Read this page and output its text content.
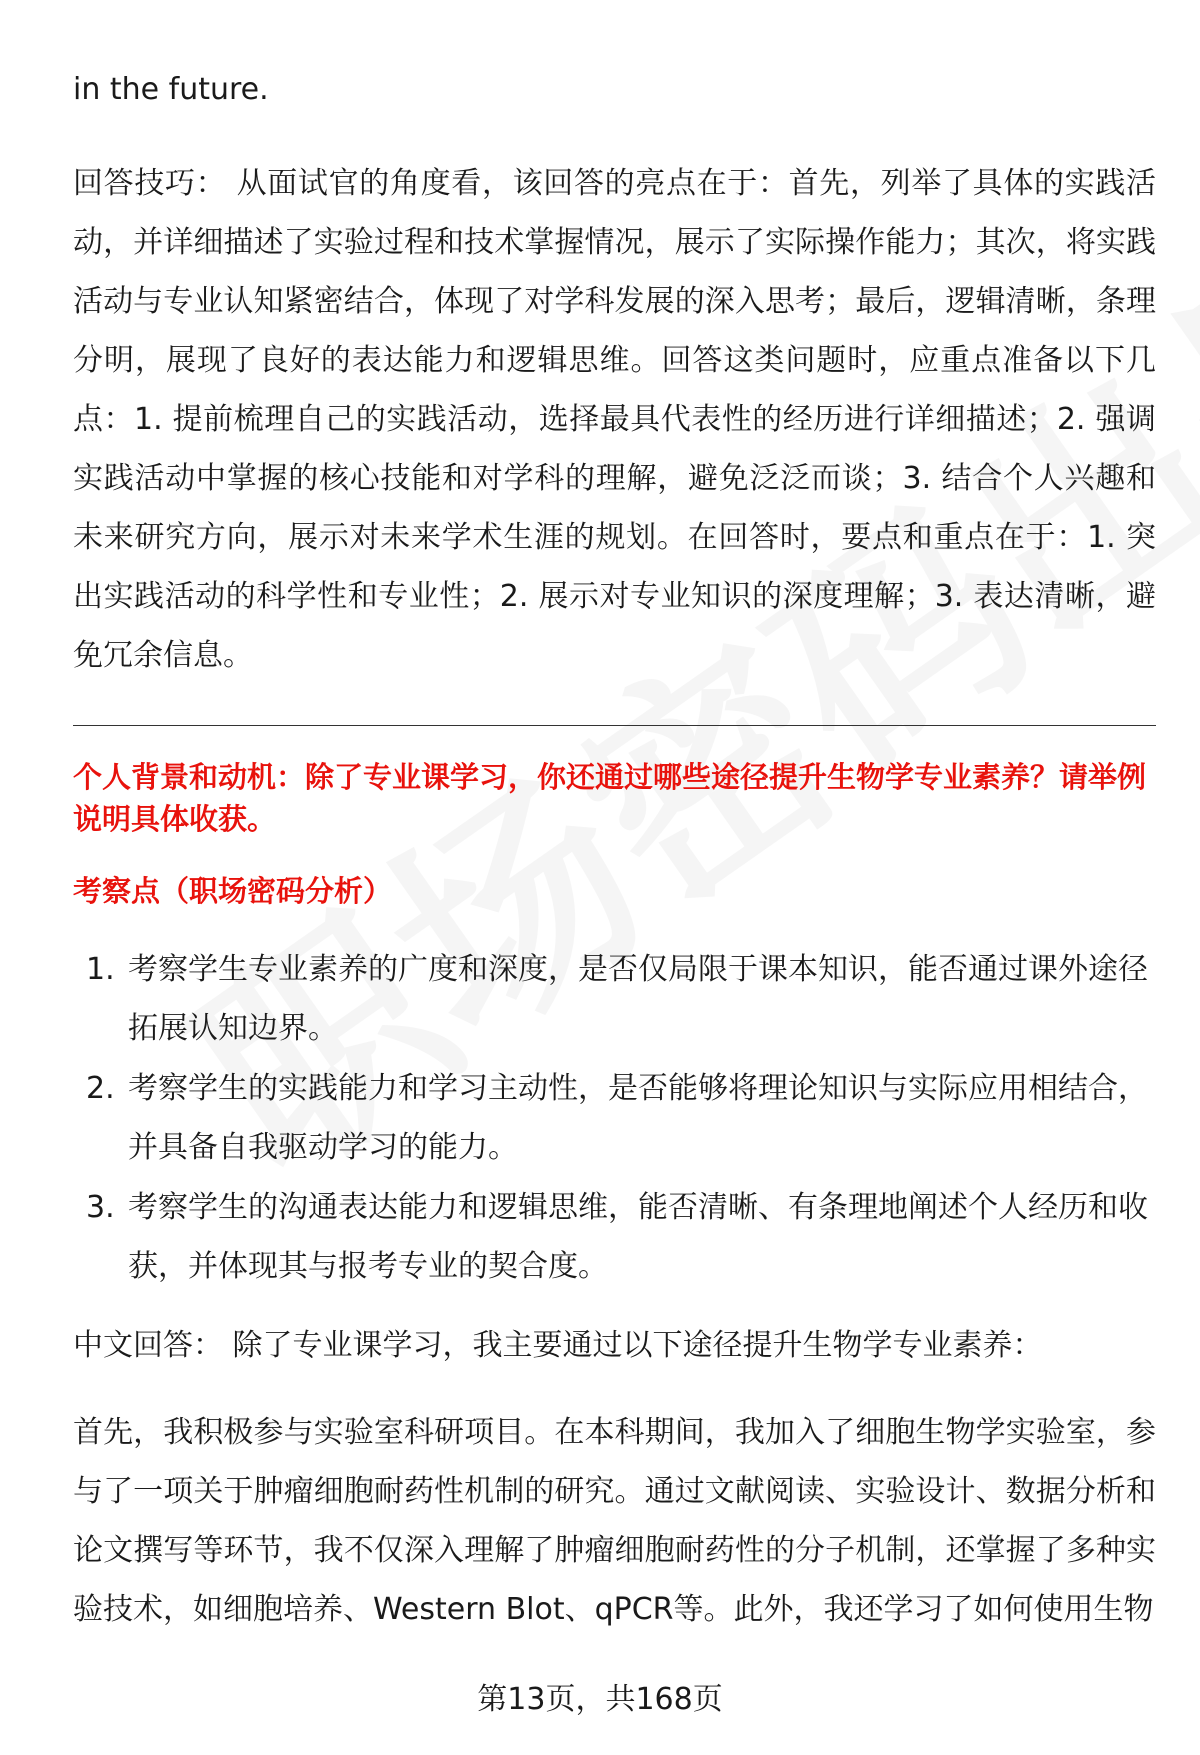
in the future.

回答技巧： 从面试官的角度看，该回答的亮点在于：首先，列举了具体的实践活动，并详细描述了实验过程和技术掌握情况，展示了实际操作能力；其次，将实践活动与专业认知紧密结合，体现了对学科发展的深入思考；最后，逻辑清晰，条理分明，展现了良好的表达能力和逻辑思维。回答这类问题时，应重点准备以下几点：1. 提前梳理自己的实践活动，选择最具代表性的经历进行详细描述；2. 强调实践活动中掌握的核心技能和对学科的理解，避免泛泛而谈；3. 结合个人兴趣和未来研究方向，展示对未来学术生涯的规划。在回答时，要点和重点在于：1. 突出实践活动的科学性和专业性；2. 展示对专业知识的深度理解；3. 表达清晰，避免冗余信息。

个人背景和动机：除了专业课学习，你还通过哪些途径提升生物学专业素养？请举例说明具体收获。

考察点（职场密码分析）

1. 考察学生专业素养的广度和深度，是否仅局限于课本知识，能否通过课外途径拓展认知边界。
2. 考察学生的实践能力和学习主动性，是否能够将理论知识与实际应用相结合，并具备自我驱动学习的能力。
3. 考察学生的沟通表达能力和逻辑思维，能否清晰、有条理地阐述个人经历和收获，并体现其与报考专业的契合度。

中文回答： 除了专业课学习，我主要通过以下途径提升生物学专业素养：

首先，我积极参与实验室科研项目。在本科期间，我加入了细胞生物学实验室，参与了一项关于肿瘤细胞耐药性机制的研究。通过文献阅读、实验设计、数据分析和论文撰写等环节，我不仅深入理解了肿瘤细胞耐药性的分子机制，还掌握了多种实验技术，如细胞培养、Western Blot、qPCR等。此外，我还学习了如何使用生物

第13页，共168页
